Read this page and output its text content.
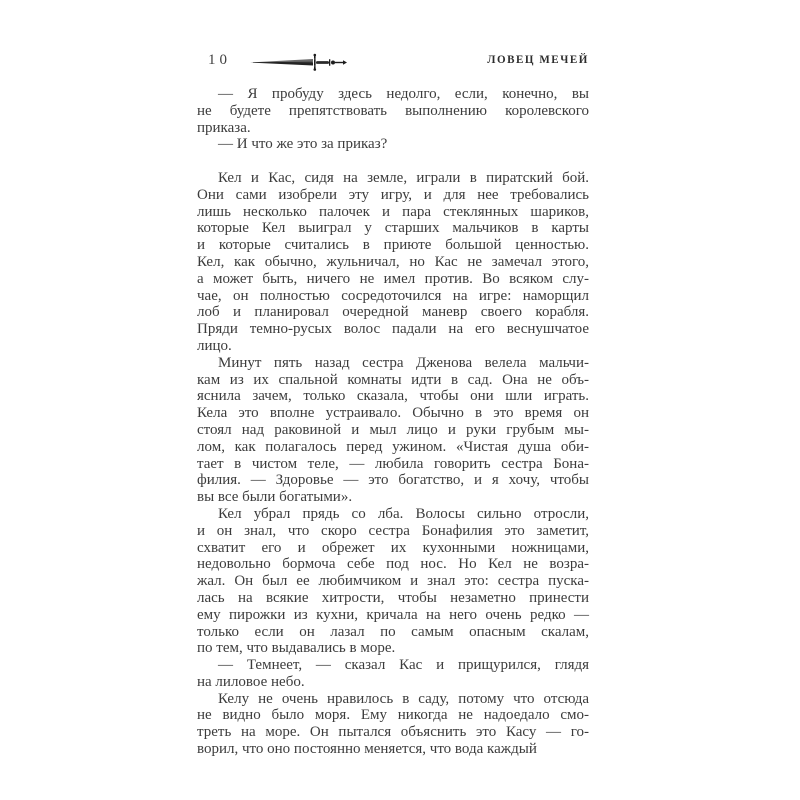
10	ЛОВЕЦ МЕЧЕЙ
— Я пробуду здесь недолго, если, конечно, вы
не будете препятствовать выполнению королевского
приказа.
— И что же это за приказ?
Кел и Кас, сидя на земле, играли в пиратский бой.
Они сами изобрели эту игру, и для нее требовались
лишь несколько палочек и пара стеклянных шариков,
которые Кел выиграл у старших мальчиков в карты
и которые считались в приюте большой ценностью.
Кел, как обычно, жульничал, но Кас не замечал этого,
а может быть, ничего не имел против. Во всяком слу-
чае, он полностью сосредоточился на игре: наморщил
лоб и планировал очередной маневр своего корабля.
Пряди темно-русых волос падали на его веснушчатое
лицо.
Минут пять назад сестра Дженова велела мальчи-
кам из их спальной комнаты идти в сад. Она не объ-
яснила зачем, только сказала, чтобы они шли играть.
Кела это вполне устраивало. Обычно в это время он
стоял над раковиной и мыл лицо и руки грубым мы-
лом, как полагалось перед ужином. «Чистая душа оби-
тает в чистом теле, — любила говорить сестра Бона-
филия. — Здоровье — это богатство, и я хочу, чтобы
вы все были богатыми».
Кел убрал прядь со лба. Волосы сильно отросли,
и он знал, что скоро сестра Бонафилия это заметит,
схватит его и обрежет их кухонными ножницами,
недовольно бормоча себе под нос. Но Кел не возра-
жал. Он был ее любимчиком и знал это: сестра пуска-
лась на всякие хитрости, чтобы незаметно принести
ему пирожки из кухни, кричала на него очень редко —
только если он лазал по самым опасным скалам,
по тем, что выдавались в море.
— Темнеет, — сказал Кас и прищурился, глядя
на лиловое небо.
Келу не очень нравилось в саду, потому что отсюда
не видно было моря. Ему никогда не надоедало смо-
треть на море. Он пытался объяснить это Касу — го-
ворил, что оно постоянно меняется, что вода каждый
